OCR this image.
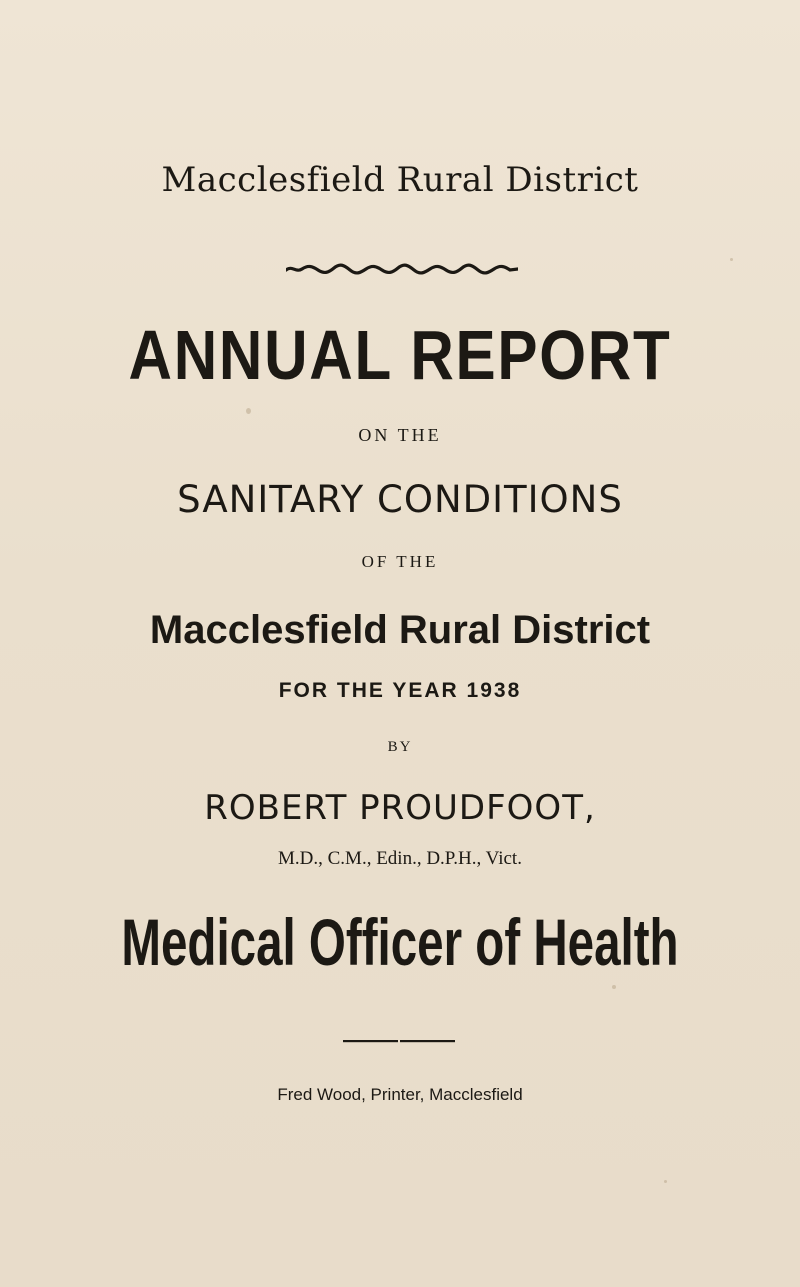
Macclesfield Rural District
ANNUAL REPORT
ON THE
SANITARY CONDITIONS
OF THE
Macclesfield Rural District
FOR THE YEAR 1938
BY
ROBERT PROUDFOOT,
M.D., C.M., Edin., D.P.H., Vict.
Medical Officer of Health
Fred Wood, Printer, Macclesfield
